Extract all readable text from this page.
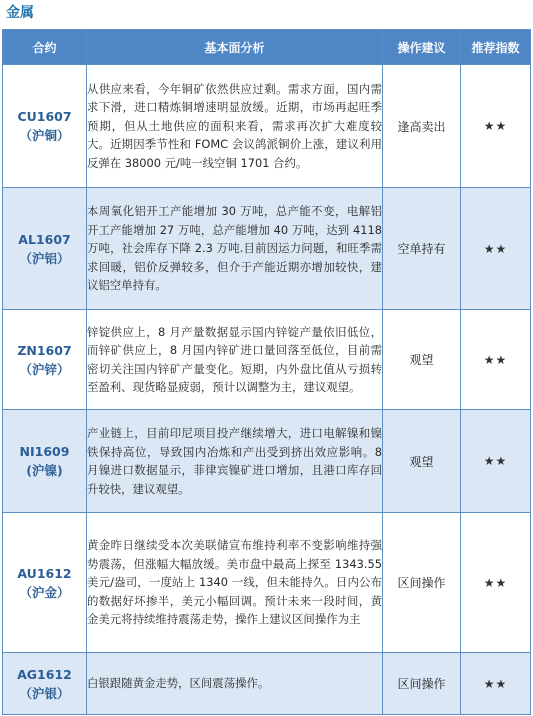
金属
合约	基本面分析	操作建议	推荐指数

CU1607
（沪铜）	从供应来看，今年铜矿依然供应过剩。需求方面，国内需求下滑，进口精炼铜增速明显放缓。近期，市场再起旺季预期，但从土地供应的面积来看，需求再次扩大难度较大。近期因季节性和 FOMC 会议鸽派铜价上涨，建议利用反弹在 38000 元/吨一线空铜 1701 合约。	逢高卖出	★★

AL1607
（沪铝）	本周氧化铝开工产能增加 30 万吨，总产能不变，电解铝开工产能增加 27 万吨，总产能增加 40 万吨，达到 4118 万吨，社会库存下降 2.3 万吨.目前因运力问题，和旺季需求回暖，铝价反弹较多，但介于产能近期亦增加较快，建议铝空单持有。	空单持有	★★

ZN1607
（沪锌）	锌锭供应上，8 月产量数据显示国内锌锭产量依旧低位，而锌矿供应上，8 月国内锌矿进口量回落至低位，目前需密切关注国内锌矿产量变化。短期，内外盘比值从亏损转至盈利、现货略显疲弱，预计以调整为主，建议观望。	观望	★★

NI1609
(沪镍)	产业链上，目前印尼项目投产继续增大，进口电解镍和镍铁保持高位，导致国内冶炼和产出受到挤出效应影响。8 月镍进口数据显示，菲律宾镍矿进口增加，且港口库存回升较快，建议观望。	观望	★★

AU1612
（沪金）	黄金昨日继续受本次美联储宣布维持利率不变影响维持强势震荡，但涨幅大幅放缓。美市盘中最高上探至 1343.55 美元/盎司，一度站上 1340 一线，但未能持久。日内公布的数据好坏掺半，美元小幅回调。预计未来一段时间，黄金美元将持续维持震荡走势，操作上建议区间操作为主	区间操作	★★

AG1612
（沪银）	白银跟随黄金走势，区间震荡操作。	区间操作	★★
